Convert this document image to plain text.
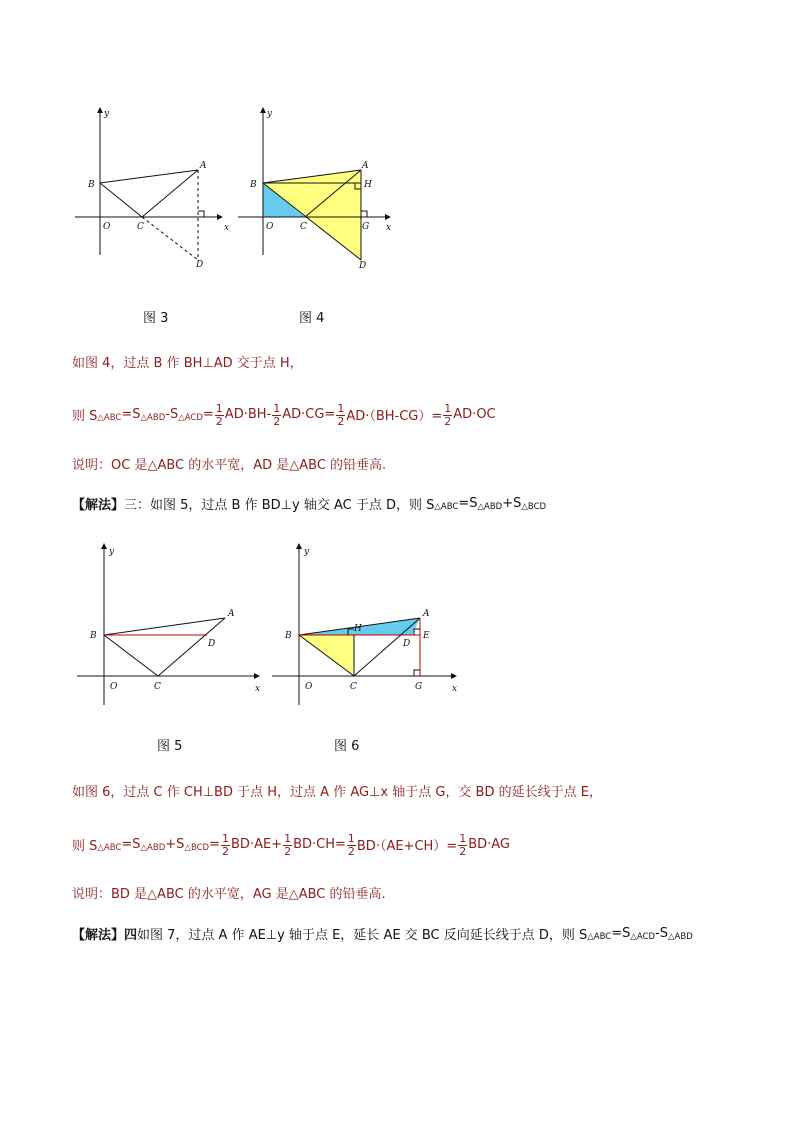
y
x
A
B
O	C
D
y
x
A
H
B
O	C	G
D
图 3	图 4
如图 4，过点 B 作 BH⊥AD 交于点 H，
则 S △ABC =S △ABD -S △ACD = $\frac{1}{2} AD\cdot BH- \frac{1}{2} AD\cdot CG= \frac{1}{2} AD\cdot(BH-CG)= \frac{1}{2} AD\cdot OC$
说明：OC 是△ABC 的水平宽，AD 是△ABC 的铅垂高.
【解法】 三：如图 5，过点 B 作 BD⊥y 轴交 AC 于点 D，则 S △ABC =S △ABD +S △BCD
y
x
A
B
D
O	C
y
x
A
B
H
E
D
O	C	G
图 5	图 6
如图 6，过点 C 作 CH⊥BD 于点 H，过点 A 作 AG⊥x 轴于点 G，交 BD 的延长线于点 E，
则 S △ABC =S △ABD +S △BCD = $\frac{1}{2} BD\cdot AE+ \frac{1}{2} BD\cdot CH= \frac{1}{2} BD\cdot(AE+CH)= \frac{1}{2} BD\cdot AG$
说明：BD 是△ABC 的水平宽，AG 是△ABC 的铅垂高.
【解法】四 如图 7，过点 A 作 AE⊥y 轴于点 E，延长 AE 交 BC 反向延长线于点 D，则 S △ABC =S △ACD -S △ABD
